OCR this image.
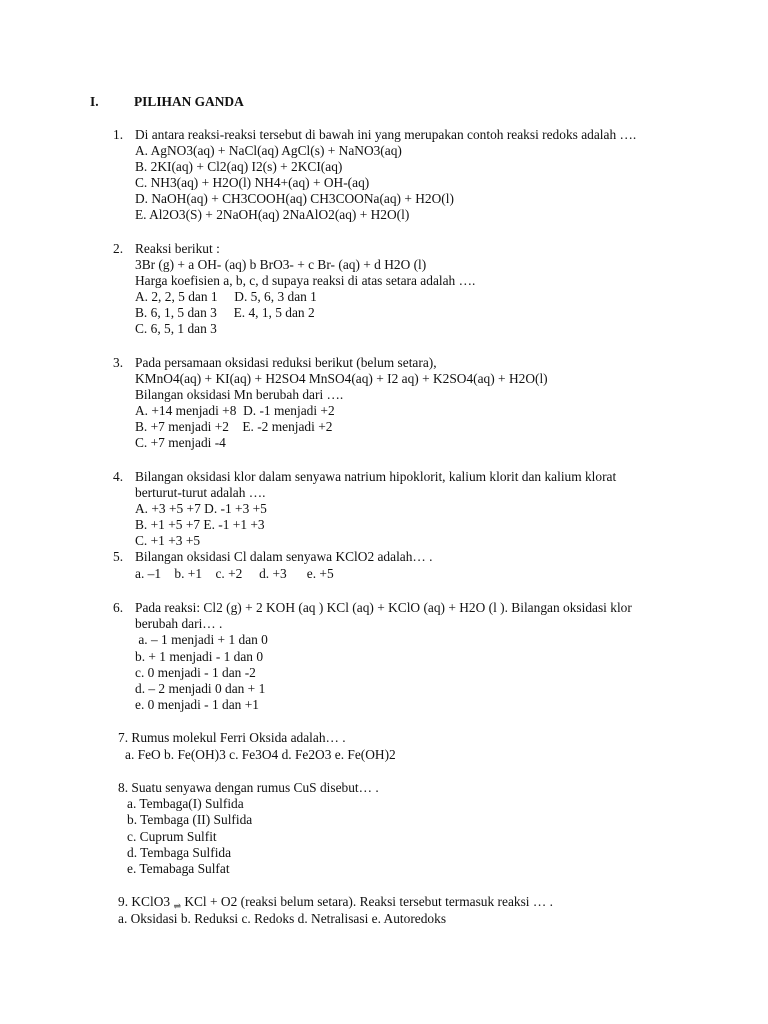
I.	PILIHAN GANDA
1. Di antara reaksi-reaksi tersebut di bawah ini yang merupakan contoh reaksi redoks adalah ….
A. AgNO3(aq) + NaCl(aq) AgCl(s) + NaNO3(aq)
B. 2KI(aq) + Cl2(aq) I2(s) + 2KCI(aq)
C. NH3(aq) + H2O(l) NH4+(aq) + OH-(aq)
D. NaOH(aq) + CH3COOH(aq) CH3COONa(aq) + H2O(l)
E. Al2O3(S) + 2NaOH(aq) 2NaAlO2(aq) + H2O(l)
2. Reaksi berikut :
3Br (g) + a OH- (aq) b BrO3- + c Br- (aq) + d H2O (l)
Harga koefisien a, b, c, d supaya reaksi di atas setara adalah ….
A. 2, 2, 5 dan 1     D. 5, 6, 3 dan 1
B. 6, 1, 5 dan 3     E. 4, 1, 5 dan 2
C. 6, 5, 1 dan 3
3. Pada persamaan oksidasi reduksi berikut (belum setara),
KMnO4(aq) + KI(aq) + H2SO4 MnSO4(aq) + I2 aq) + K2SO4(aq) + H2O(l)
Bilangan oksidasi Mn berubah dari ….
A. +14 menjadi +8  D. -1 menjadi +2
B. +7 menjadi +2    E. -2 menjadi +2
C. +7 menjadi -4
4. Bilangan oksidasi klor dalam senyawa natrium hipoklorit, kalium klorit dan kalium klorat
berturut-turut adalah ….
A. +3 +5 +7 D. -1 +3 +5
B. +1 +5 +7 E. -1 +1 +3
C. +1 +3 +5
5. Bilangan oksidasi Cl dalam senyawa KClO2 adalah… .
a. –1    b. +1    c. +2     d. +3      e. +5
6. Pada reaksi: Cl2 (g) + 2 KOH (aq ) KCl (aq) + KClO (aq) + H2O (l ). Bilangan oksidasi klor
berubah dari… .
a. – 1 menjadi + 1 dan 0
b. + 1 menjadi - 1 dan 0
c. 0 menjadi - 1 dan -2
d. – 2 menjadi 0 dan + 1
e. 0 menjadi - 1 dan +1
7. Rumus molekul Ferri Oksida adalah… .
a. FeO b. Fe(OH)3 c. Fe3O4 d. Fe2O3 e. Fe(OH)2
8. Suatu senyawa dengan rumus CuS disebut… .
a. Tembaga(I) Sulfida
b. Tembaga (II) Sulfida
c. Cuprum Sulfit
d. Tembaga Sulfida
e. Temabaga Sulfat
9. KClO3 ⇌ KCl + O2 (reaksi belum setara). Reaksi tersebut termasuk reaksi … .
a. Oksidasi b. Reduksi c. Redoks d. Netralisasi e. Autoredoks
